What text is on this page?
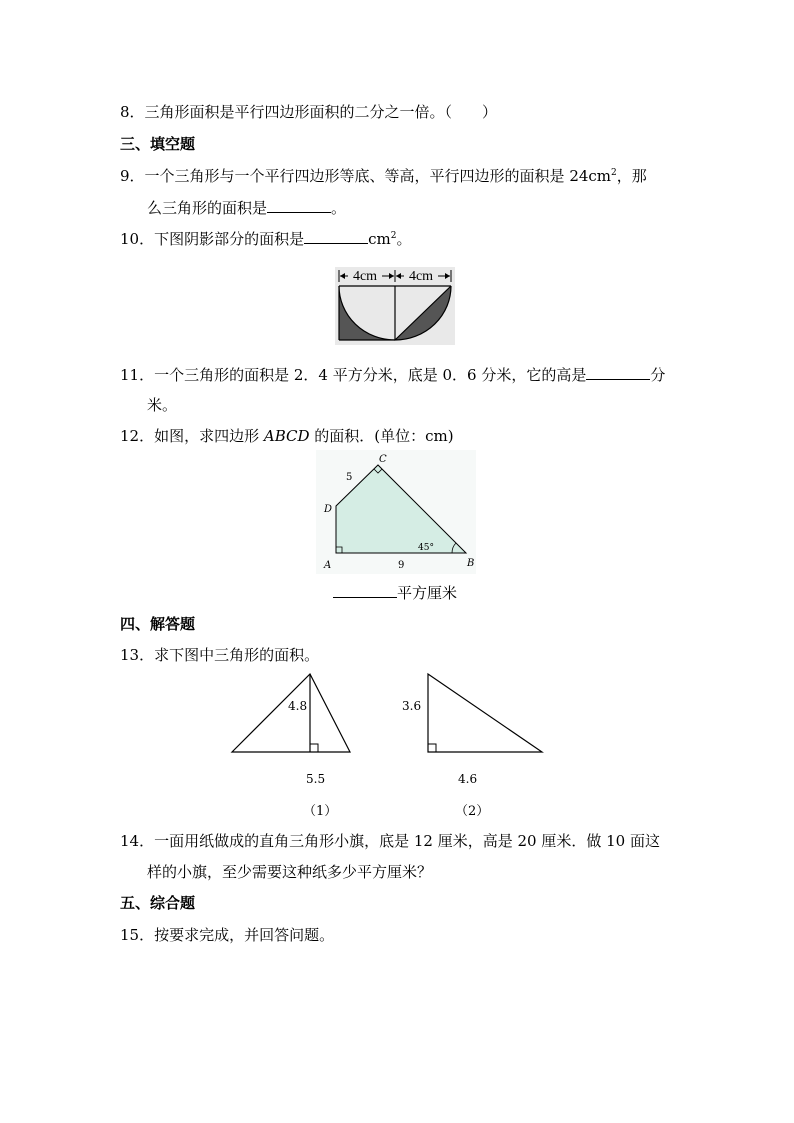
8．三角形面积是平行四边形面积的二分之一倍。（　　）
三、填空题
9．一个三角形与一个平行四边形等底、等高，平行四边形的面积是 $24cm^2$，那
么三角形的面积是	。
10．下图阴影部分的面积是	$cm^2$。
4cm 4cm
11．一个三角形的面积是 2．4 平方分米，底是 0．6 分米，它的高是	分
米。
12．如图，求四边形 ABCD 的面积．(单位：cm)
C
D
A	B
5
9
45°
平方厘米
四、解答题
13．求下图中三角形的面积。
4.8
5.5
（1）
3.6
4.6
（2）
14．一面用纸做成的直角三角形小旗，底是 12 厘米，高是 20 厘米．做 10 面这
样的小旗，至少需要这种纸多少平方厘米？
五、综合题
15．按要求完成，并回答问题。
